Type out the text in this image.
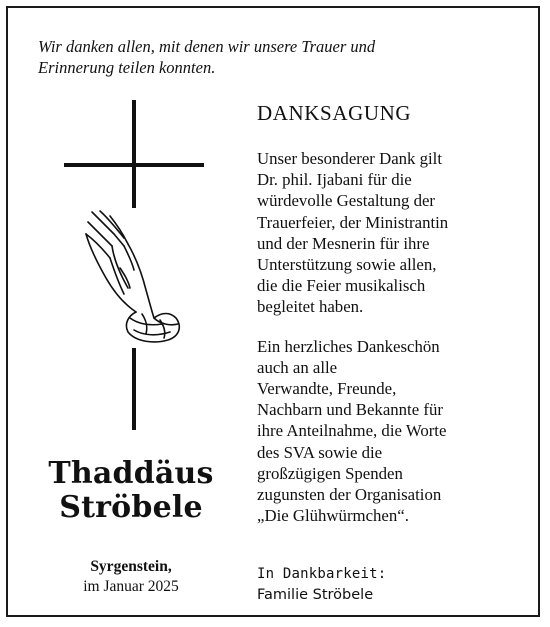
Wir danken allen, mit denen wir unsere Trauer und
Erinnerung teilen konnten.
Thaddäus
Ströbele
Syrgenstein,
im Januar 2025
DANKSAGUNG
Unser besonderer Dank gilt
Dr. phil. Ijabani für die
würdevolle Gestaltung der
Trauerfeier, der Ministrantin
und der Mesnerin für ihre
Unterstützung sowie allen,
die die Feier musikalisch
begleitet haben.
Ein herzliches Dankeschön
auch an alle
Verwandte, Freunde,
Nachbarn und Bekannte für
ihre Anteilnahme, die Worte
des SVA sowie die
großzügigen Spenden
zugunsten der Organisation
„Die Glühwürmchen“.
In Dankbarkeit:
Familie Ströbele
